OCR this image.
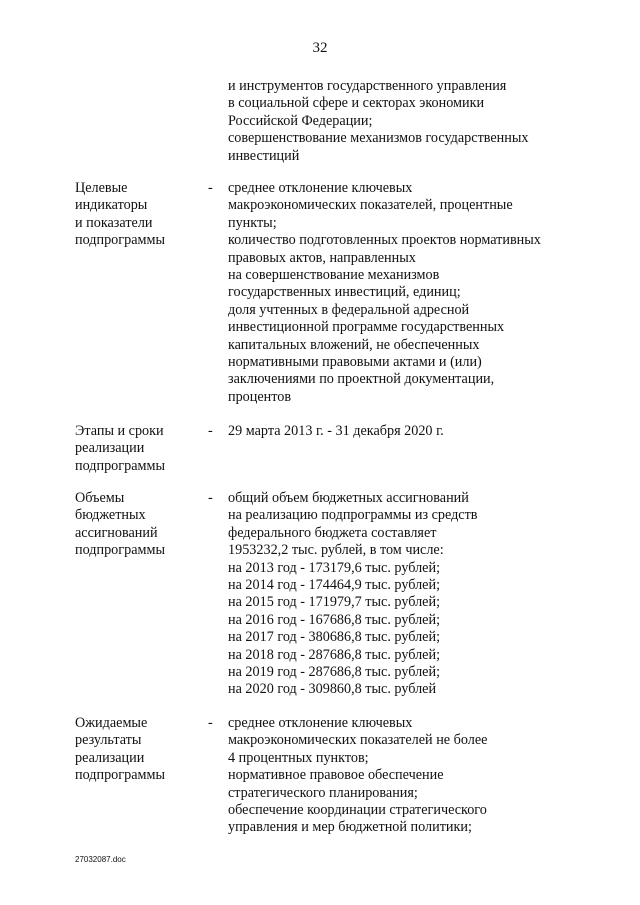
32
и инструментов государственного управления
в социальной сфере и секторах экономики
Российской Федерации;
совершенствование механизмов государственных
инвестиций
Целевые
индикаторы
и показатели
подпрограммы
- среднее отклонение ключевых
макроэкономических показателей, процентные
пункты;
количество подготовленных проектов нормативных
правовых актов, направленных
на совершенствование механизмов
государственных инвестиций, единиц;
доля учтенных в федеральной адресной
инвестиционной программе государственных
капитальных вложений, не обеспеченных
нормативными правовыми актами и (или)
заключениями по проектной документации,
процентов
Этапы и сроки
реализации
подпрограммы
- 29 марта 2013 г. - 31 декабря 2020 г.
Объемы
бюджетных
ассигнований
подпрограммы
- общий объем бюджетных ассигнований
на реализацию подпрограммы из средств
федерального бюджета составляет
1953232,2 тыс. рублей, в том числе:
на 2013 год - 173179,6 тыс. рублей;
на 2014 год - 174464,9 тыс. рублей;
на 2015 год - 171979,7 тыс. рублей;
на 2016 год - 167686,8 тыс. рублей;
на 2017 год - 380686,8 тыс. рублей;
на 2018 год - 287686,8 тыс. рублей;
на 2019 год - 287686,8 тыс. рублей;
на 2020 год - 309860,8 тыс. рублей
Ожидаемые
результаты
реализации
подпрограммы
- среднее отклонение ключевых
макроэкономических показателей не более
4 процентных пунктов;
нормативное правовое обеспечение
стратегического планирования;
обеспечение координации стратегического
управления и мер бюджетной политики;
27032087.doc
